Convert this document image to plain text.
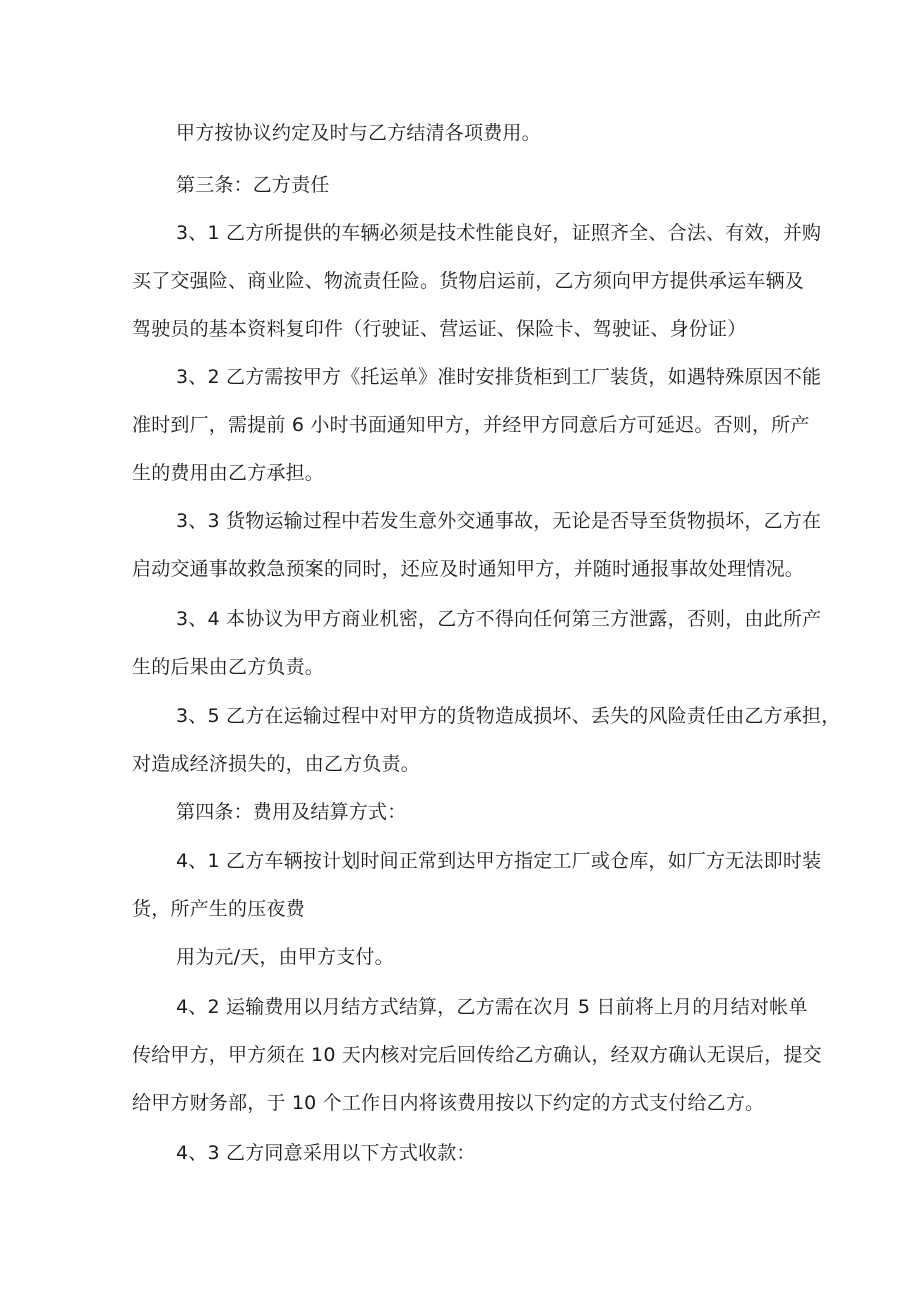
甲方按协议约定及时与乙方结清各项费用。
第三条：乙方责任
3、1 乙方所提供的车辆必须是技术性能良好，证照齐全、合法、有效，并购
买了交强险、商业险、物流责任险。货物启运前，乙方须向甲方提供承运车辆及
驾驶员的基本资料复印件（行驶证、营运证、保险卡、驾驶证、身份证）
3、2 乙方需按甲方《托运单》准时安排货柜到工厂装货，如遇特殊原因不能
准时到厂，需提前 6 小时书面通知甲方，并经甲方同意后方可延迟。否则，所产
生的费用由乙方承担。
3、3 货物运输过程中若发生意外交通事故，无论是否导至货物损坏，乙方在
启动交通事故救急预案的同时，还应及时通知甲方，并随时通报事故处理情况。
3、4 本协议为甲方商业机密，乙方不得向任何第三方泄露，否则，由此所产
生的后果由乙方负责。
3、5 乙方在运输过程中对甲方的货物造成损坏、丢失的风险责任由乙方承担，
对造成经济损失的，由乙方负责。
第四条：费用及结算方式：
4、1 乙方车辆按计划时间正常到达甲方指定工厂或仓库，如厂方无法即时装
货，所产生的压夜费
用为元/天，由甲方支付。
4、2 运输费用以月结方式结算，乙方需在次月 5 日前将上月的月结对帐单
传给甲方，甲方须在 10 天内核对完后回传给乙方确认，经双方确认无误后，提交
给甲方财务部，于 10 个工作日内将该费用按以下约定的方式支付给乙方。
4、3 乙方同意采用以下方式收款：
